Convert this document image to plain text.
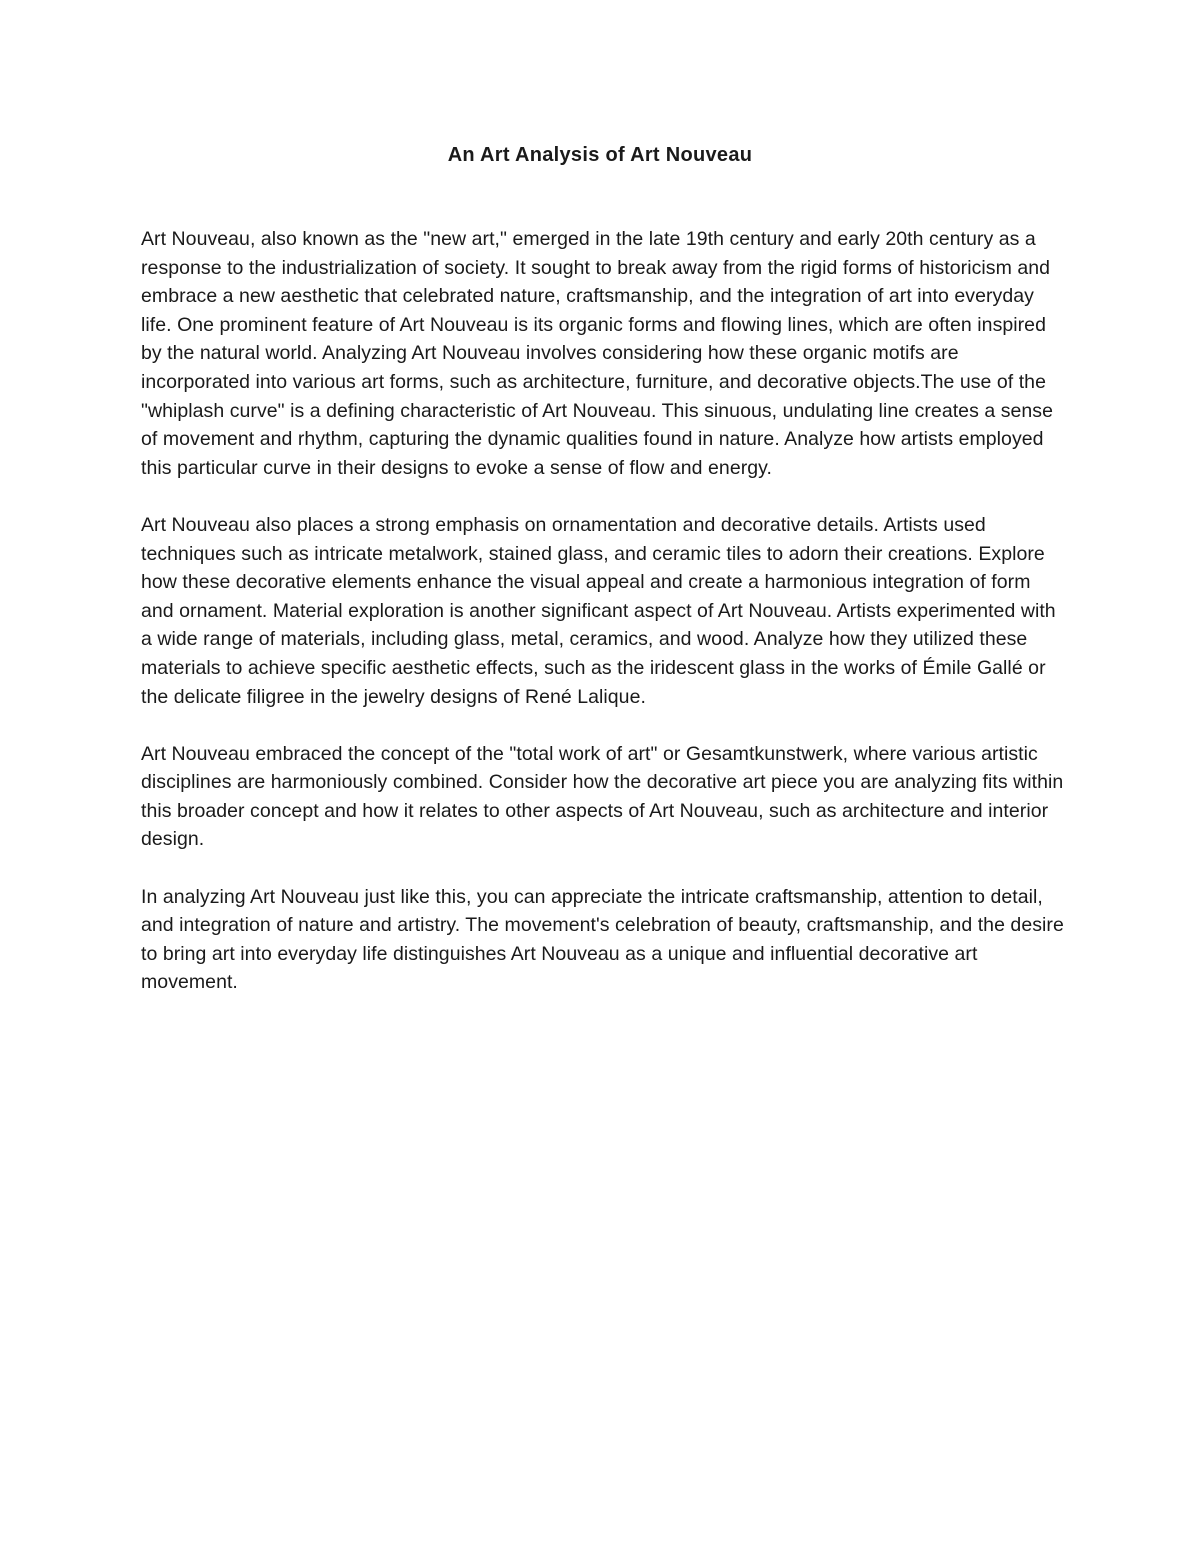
An Art Analysis of Art Nouveau

Art Nouveau, also known as the "new art," emerged in the late 19th century and early 20th century as a response to the industrialization of society. It sought to break away from the rigid forms of historicism and embrace a new aesthetic that celebrated nature, craftsmanship, and the integration of art into everyday life. One prominent feature of Art Nouveau is its organic forms and flowing lines, which are often inspired by the natural world. Analyzing Art Nouveau involves considering how these organic motifs are incorporated into various art forms, such as architecture, furniture, and decorative objects.The use of the "whiplash curve" is a defining characteristic of Art Nouveau. This sinuous, undulating line creates a sense of movement and rhythm, capturing the dynamic qualities found in nature. Analyze how artists employed this particular curve in their designs to evoke a sense of flow and energy.

Art Nouveau also places a strong emphasis on ornamentation and decorative details. Artists used techniques such as intricate metalwork, stained glass, and ceramic tiles to adorn their creations. Explore how these decorative elements enhance the visual appeal and create a harmonious integration of form and ornament. Material exploration is another significant aspect of Art Nouveau. Artists experimented with a wide range of materials, including glass, metal, ceramics, and wood. Analyze how they utilized these materials to achieve specific aesthetic effects, such as the iridescent glass in the works of Émile Gallé or the delicate filigree in the jewelry designs of René Lalique.

Art Nouveau embraced the concept of the "total work of art" or Gesamtkunstwerk, where various artistic disciplines are harmoniously combined. Consider how the decorative art piece you are analyzing fits within this broader concept and how it relates to other aspects of Art Nouveau, such as architecture and interior design.

In analyzing Art Nouveau just like this, you can appreciate the intricate craftsmanship, attention to detail, and integration of nature and artistry. The movement's celebration of beauty, craftsmanship, and the desire to bring art into everyday life distinguishes Art Nouveau as a unique and influential decorative art movement.
